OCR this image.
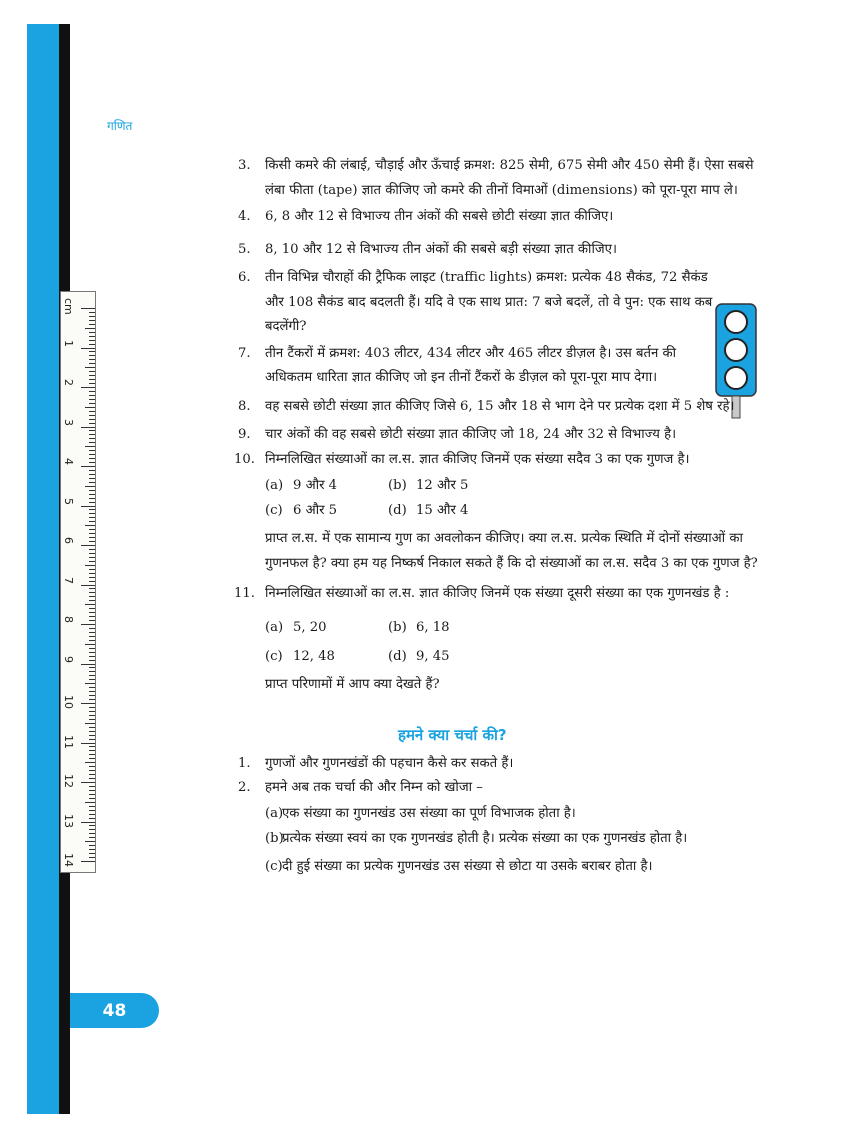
गणित
cm
1
2
3
4
5
6
7
8
9
10
11
12
13
14
3. किसी कमरे की लंबाई, चौड़ाई और ऊँचाई क्रमश: 825 सेमी, 675 सेमी और 450 सेमी हैं। ऐसा सबसे लंबा फीता (tape) ज्ञात कीजिए जो कमरे की तीनों विमाओं (dimensions) को पूरा-पूरा माप ले।
4. 6, 8 और 12 से विभाज्य तीन अंकों की सबसे छोटी संख्या ज्ञात कीजिए।
5. 8, 10 और 12 से विभाज्य तीन अंकों की सबसे बड़ी संख्या ज्ञात कीजिए।
6. तीन विभिन्न चौराहों की ट्रैफिक लाइट (traffic lights) क्रमश: प्रत्येक 48 सैकंड, 72 सैकंड और 108 सैकंड बाद बदलती हैं। यदि वे एक साथ प्रात: 7 बजे बदलें, तो वे पुन: एक साथ कब बदलेंगी?
7. तीन टैंकरों में क्रमश: 403 लीटर, 434 लीटर और 465 लीटर डीज़ल है। उस बर्तन की अधिकतम धारिता ज्ञात कीजिए जो इन तीनों टैंकरों के डीज़ल को पूरा-पूरा माप देगा।
8. वह सबसे छोटी संख्या ज्ञात कीजिए जिसे 6, 15 और 18 से भाग देने पर प्रत्येक दशा में 5 शेष रहे।
9. चार अंकों की वह सबसे छोटी संख्या ज्ञात कीजिए जो 18, 24 और 32 से विभाज्य है।
10. निम्नलिखित संख्याओं का ल.स. ज्ञात कीजिए जिनमें एक संख्या सदैव 3 का एक गुणज है।
(a) 9 और 4	(b) 12 और 5
(c) 6 और 5	(d) 15 और 4
प्राप्त ल.स. में एक सामान्य गुण का अवलोकन कीजिए। क्या ल.स. प्रत्येक स्थिति में दोनों संख्याओं का गुणनफल है? क्या हम यह निष्कर्ष निकाल सकते हैं कि दो संख्याओं का ल.स. सदैव 3 का एक गुणज है?
11. निम्नलिखित संख्याओं का ल.स. ज्ञात कीजिए जिनमें एक संख्या दूसरी संख्या का एक गुणनखंड है :
(a) 5, 20	(b) 6, 18
(c) 12, 48	(d) 9, 45
प्राप्त परिणामों में आप क्या देखते हैं?
हमने क्या चर्चा की?
1. गुणजों और गुणनखंडों की पहचान कैसे कर सकते हैं।
2. हमने अब तक चर्चा की और निम्न को खोजा –
(a)
एक संख्या का गुणनखंड उस संख्या का पूर्ण विभाजक होता है।
(b)
प्रत्येक संख्या स्वयं का एक गुणनखंड होती है। प्रत्येक संख्या का एक गुणनखंड होता है।
(c) दी हुई संख्या का प्रत्येक गुणनखंड उस संख्या से छोटा या उसके बराबर होता है।
48
